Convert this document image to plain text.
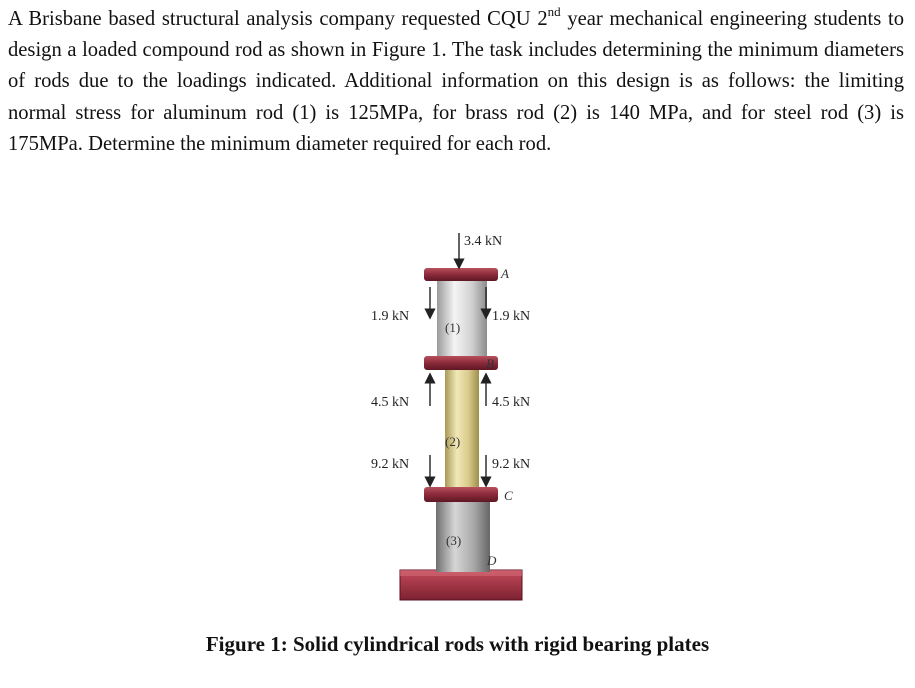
A Brisbane based structural analysis company requested CQU 2nd year mechanical engineering students to design a loaded compound rod as shown in Figure 1. The task includes determining the minimum diameters of rods due to the loadings indicated. Additional information on this design is as follows: the limiting normal stress for aluminum rod (1) is 125MPa, for brass rod (2) is 140 MPa, and for steel rod (3) is 175MPa. Determine the minimum diameter required for each rod.
3.4 kN
1.9 kN	1.9 kN
4.5 kN	4.5 kN
9.2 kN	9.2 kN
A
B
C
D
(1)
(2)
(3)
Figure 1: Solid cylindrical rods with rigid bearing plates
